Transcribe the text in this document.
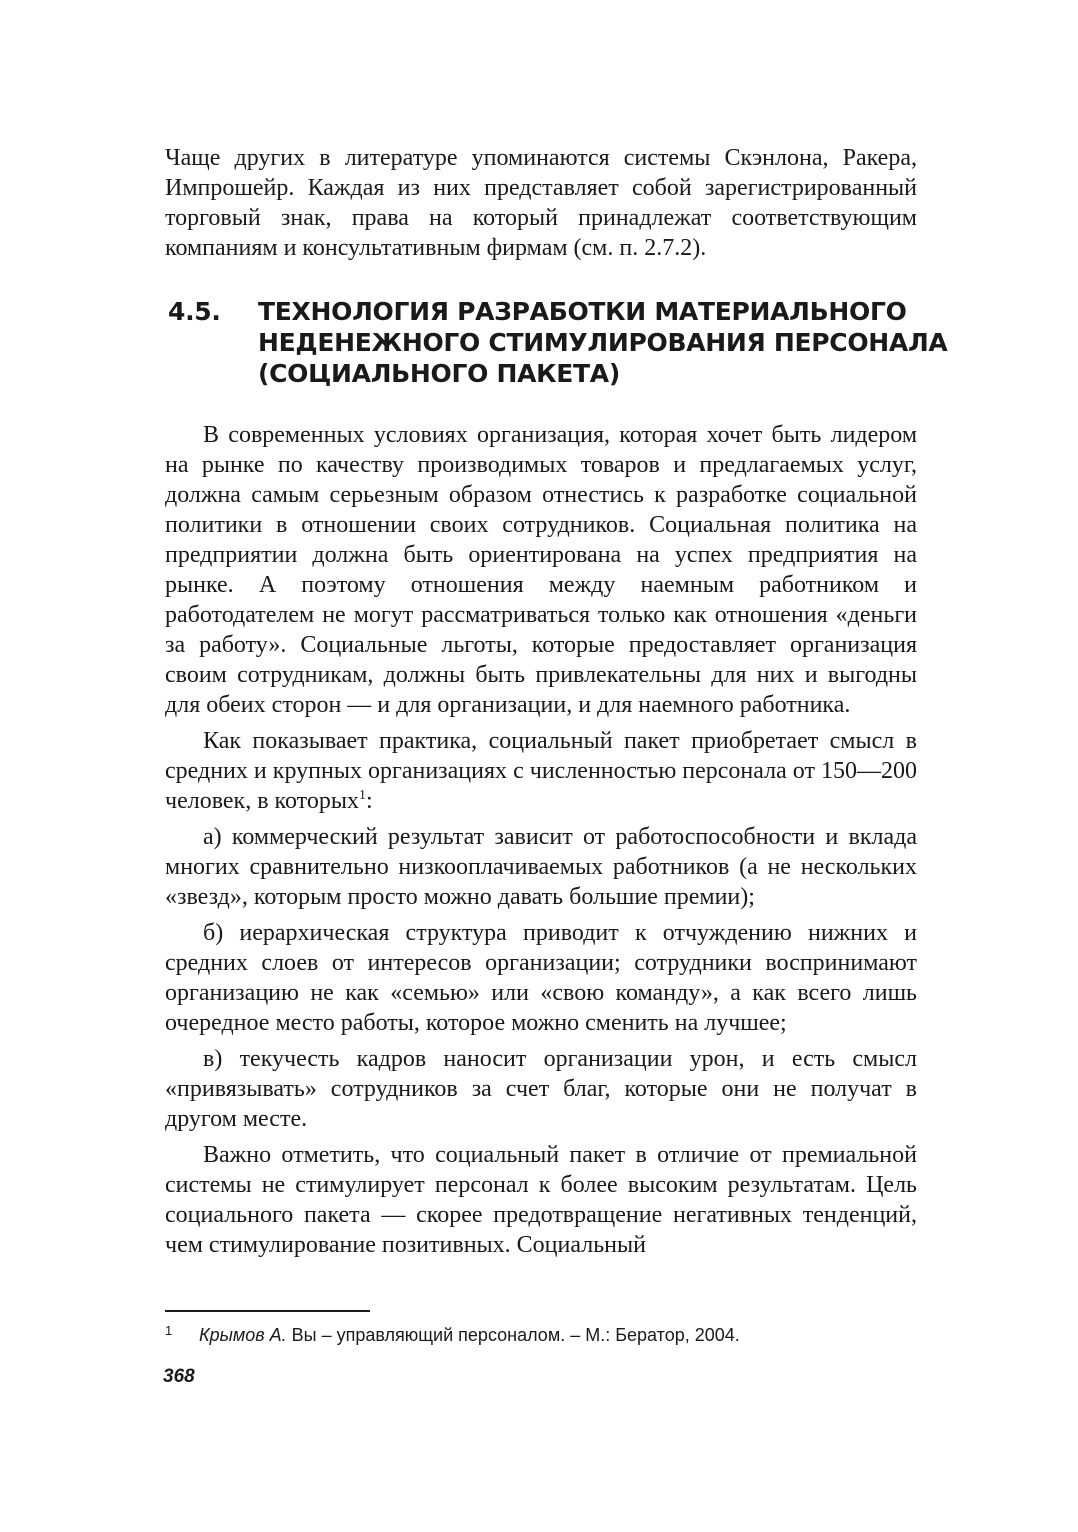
Чаще других в литературе упоминаются системы Скэнлона, Ракера, Импрошейр. Каждая из них представляет собой зарегистрированный торговый знак, права на который принадлежат соответствующим компаниям и консультативным фирмам (см. п. 2.7.2).

4.5. ТЕХНОЛОГИЯ РАЗРАБОТКИ МАТЕРИАЛЬНОГО
НЕДЕНЕЖНОГО СТИМУЛИРОВАНИЯ ПЕРСОНАЛА
(СОЦИАЛЬНОГО ПАКЕТА)

В современных условиях организация, которая хочет быть лидером на рынке по качеству производимых товаров и предлагаемых услуг, должна самым серьезным образом отнестись к разработке социальной политики в отношении своих сотрудников. Социальная политика на предприятии должна быть ориентирована на успех предприятия на рынке. А поэтому отношения между наемным работником и работодателем не могут рассматриваться только как отношения «деньги за работу». Социальные льготы, которые предоставляет организация своим сотрудникам, должны быть привлекательны для них и выгодны для обеих сторон — и для организации, и для наемного работника.

Как показывает практика, социальный пакет приобретает смысл в средних и крупных организациях с численностью персонала от 150—200 человек, в которых$^1$:

а) коммерческий результат зависит от работоспособности и вклада многих сравнительно низкооплачиваемых работников (а не нескольких «звезд», которым просто можно давать большие премии);

б) иерархическая структура приводит к отчуждению нижних и средних слоев от интересов организации; сотрудники воспринимают организацию не как «семью» или «свою команду», а как всего лишь очередное место работы, которое можно сменить на лучшее;

в) текучесть кадров наносит организации урон, и есть смысл «привязывать» сотрудников за счет благ, которые они не получат в другом месте.

Важно отметить, что социальный пакет в отличие от премиальной системы не стимулирует персонал к более высоким результатам. Цель социального пакета — скорее предотвращение негативных тенденций, чем стимулирование позитивных. Социальный

1 Крымов А. Вы – управляющий персоналом. – М.: Бератор, 2004.
368
